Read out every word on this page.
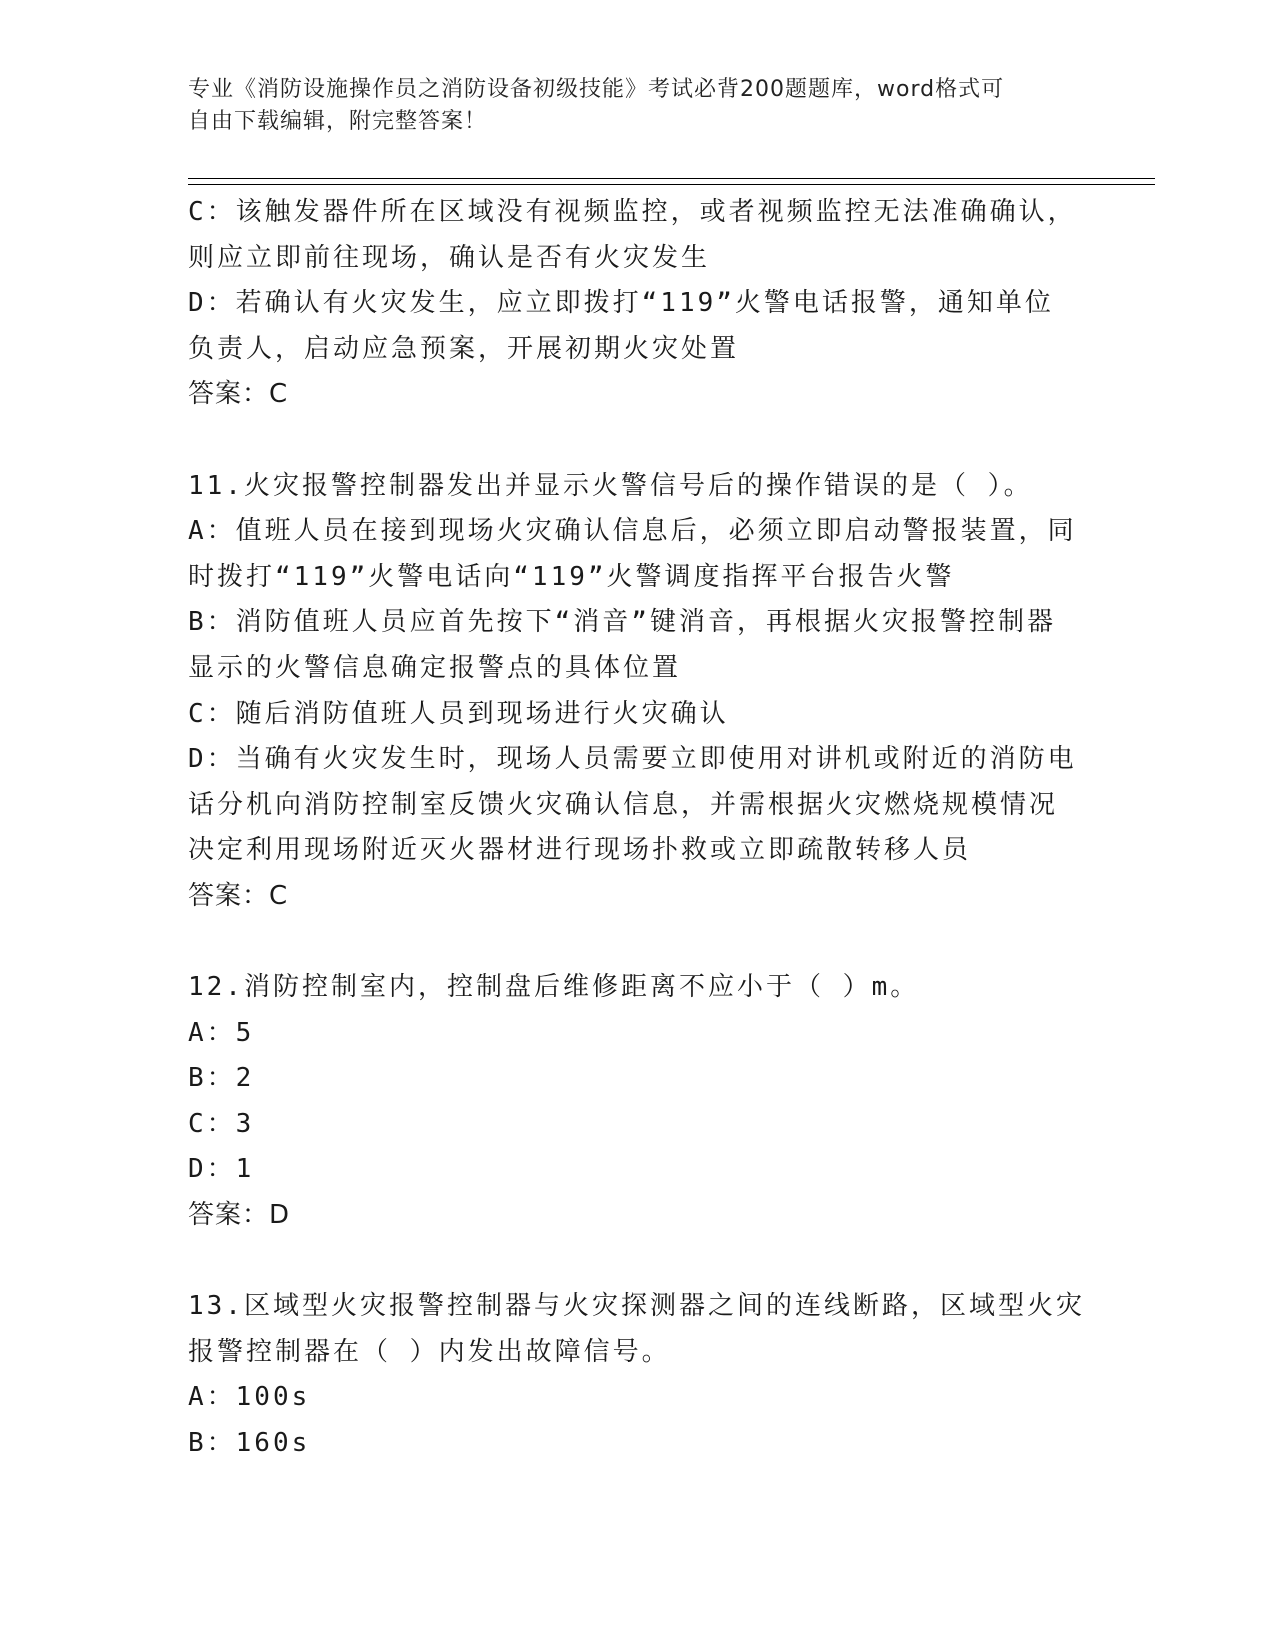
专业《消防设施操作员之消防设备初级技能》考试必背200题题库，word格式可
自由下载编辑，附完整答案！
C：该触发器件所在区域没有视频监控，或者视频监控无法准确确认，
则应立即前往现场，确认是否有火灾发生
D：若确认有火灾发生，应立即拨打“119”火警电话报警，通知单位
负责人，启动应急预案，开展初期火灾处置
答案：C
11.火灾报警控制器发出并显示火警信号后的操作错误的是（ ）。
A：值班人员在接到现场火灾确认信息后，必须立即启动警报装置，同
时拨打“119”火警电话向“119”火警调度指挥平台报告火警
B：消防值班人员应首先按下“消音”键消音，再根据火灾报警控制器
显示的火警信息确定报警点的具体位置
C：随后消防值班人员到现场进行火灾确认
D：当确有火灾发生时，现场人员需要立即使用对讲机或附近的消防电
话分机向消防控制室反馈火灾确认信息，并需根据火灾燃烧规模情况
决定利用现场附近灭火器材进行现场扑救或立即疏散转移人员
答案：C
12.消防控制室内，控制盘后维修距离不应小于（ ）m。
A：5
B：2
C：3
D：1
答案：D
13.区域型火灾报警控制器与火灾探测器之间的连线断路，区域型火灾
报警控制器在（ ）内发出故障信号。
A：100s
B：160s
